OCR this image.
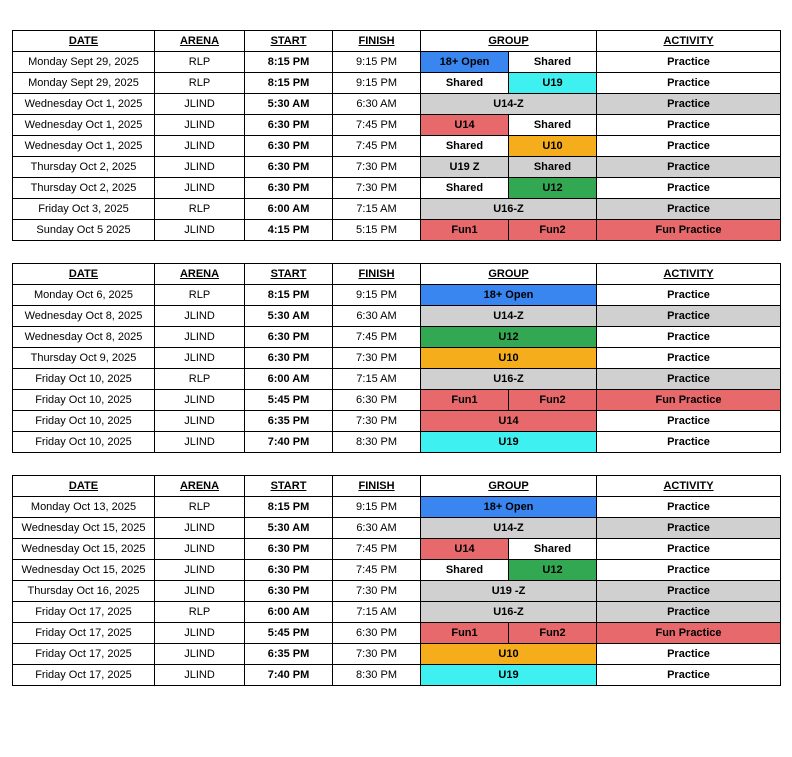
DATE	ARENA	START	FINISH	GROUP		ACTIVITY
Monday Sept 29, 2025	RLP	8:15 PM	9:15 PM	18+ Open	Shared	Practice
Monday Sept 29, 2025	RLP	8:15 PM	9:15 PM	Shared	U19	Practice
Wednesday Oct 1, 2025	JLIND	5:30 AM	6:30 AM	U14-Z		Practice
Wednesday Oct 1, 2025	JLIND	6:30 PM	7:45 PM	U14	Shared	Practice
Wednesday Oct 1, 2025	JLIND	6:30 PM	7:45 PM	Shared	U10	Practice
Thursday Oct 2, 2025	JLIND	6:30 PM	7:30 PM	U19 Z	Shared	Practice
Thursday Oct 2, 2025	JLIND	6:30 PM	7:30 PM	Shared	U12	Practice
Friday Oct 3, 2025	RLP	6:00 AM	7:15 AM	U16-Z		Practice
Sunday Oct 5 2025	JLIND	4:15 PM	5:15 PM	Fun1	Fun2	Fun Practice
DATE	ARENA	START	FINISH	GROUP		ACTIVITY
Monday Oct 6, 2025	RLP	8:15 PM	9:15 PM	18+ Open		Practice
Wednesday Oct 8, 2025	JLIND	5:30 AM	6:30 AM	U14-Z		Practice
Wednesday Oct 8, 2025	JLIND	6:30 PM	7:45 PM	U12		Practice
Thursday Oct 9, 2025	JLIND	6:30 PM	7:30 PM	U10		Practice
Friday Oct 10, 2025	RLP	6:00 AM	7:15 AM	U16-Z		Practice
Friday Oct 10, 2025	JLIND	5:45 PM	6:30 PM	Fun1	Fun2	Fun Practice
Friday Oct 10, 2025	JLIND	6:35 PM	7:30 PM	U14		Practice
Friday Oct 10, 2025	JLIND	7:40 PM	8:30 PM	U19		Practice
DATE	ARENA	START	FINISH	GROUP		ACTIVITY
Monday Oct 13, 2025	RLP	8:15 PM	9:15 PM	18+ Open		Practice
Wednesday Oct 15, 2025	JLIND	5:30 AM	6:30 AM	U14-Z		Practice
Wednesday Oct 15, 2025	JLIND	6:30 PM	7:45 PM	U14	Shared	Practice
Wednesday Oct 15, 2025	JLIND	6:30 PM	7:45 PM	Shared	U12	Practice
Thursday Oct 16, 2025	JLIND	6:30 PM	7:30 PM	U19 -Z		Practice
Friday Oct 17, 2025	RLP	6:00 AM	7:15 AM	U16-Z		Practice
Friday Oct 17, 2025	JLIND	5:45 PM	6:30 PM	Fun1	Fun2	Fun Practice
Friday Oct 17, 2025	JLIND	6:35 PM	7:30 PM	U10		Practice
Friday Oct 17, 2025	JLIND	7:40 PM	8:30 PM	U19		Practice
